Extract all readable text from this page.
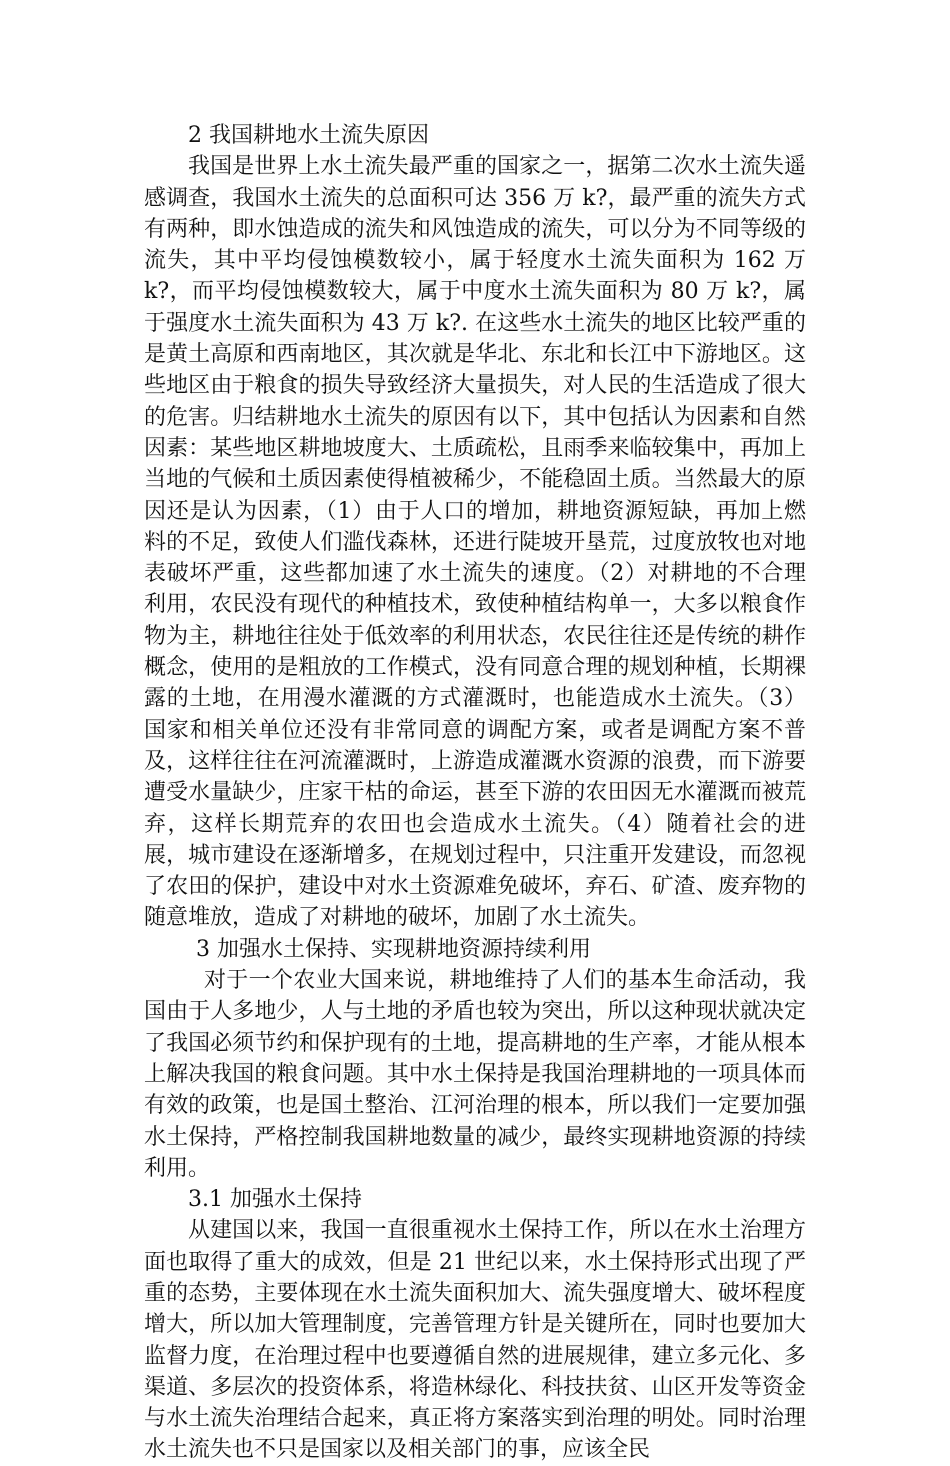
2 我国耕地水土流失原因

我国是世界上水土流失最严重的国家之一，据第二次水土流失遥感调查，我国水土流失的总面积可达 356 万 k?，最严重的流失方式有两种，即水蚀造成的流失和风蚀造成的流失，可以分为不同等级的流失，其中平均侵蚀模数较小，属于轻度水土流失面积为 162 万 k?，而平均侵蚀模数较大，属于中度水土流失面积为 80 万 k?，属于强度水土流失面积为 43 万 k?. 在这些水土流失的地区比较严重的是黄土高原和西南地区，其次就是华北、东北和长江中下游地区。这些地区由于粮食的损失导致经济大量损失，对人民的生活造成了很大的危害。归结耕地水土流失的原因有以下，其中包括认为因素和自然因素：某些地区耕地坡度大、土质疏松，且雨季来临较集中，再加上当地的气候和土质因素使得植被稀少，不能稳固土质。当然最大的原因还是认为因素，（1）由于人口的增加，耕地资源短缺，再加上燃料的不足，致使人们滥伐森林，还进行陡坡开垦荒，过度放牧也对地表破坏严重，这些都加速了水土流失的速度。（2）对耕地的不合理利用，农民没有现代的种植技术，致使种植结构单一，大多以粮食作物为主，耕地往往处于低效率的利用状态，农民往往还是传统的耕作概念，使用的是粗放的工作模式，没有同意合理的规划种植，长期裸露的土地，在用漫水灌溉的方式灌溉时，也能造成水土流失。（3）国家和相关单位还没有非常同意的调配方案，或者是调配方案不普及，这样往往在河流灌溉时，上游造成灌溉水资源的浪费，而下游要遭受水量缺少，庄家干枯的命运，甚至下游的农田因无水灌溉而被荒弃，这样长期荒弃的农田也会造成水土流失。（4）随着社会的进展，城市建设在逐渐增多，在规划过程中，只注重开发建设，而忽视了农田的保护，建设中对水土资源难免破坏，弃石、矿渣、废弃物的随意堆放，造成了对耕地的破坏，加剧了水土流失。

3 加强水土保持、实现耕地资源持续利用

对于一个农业大国来说，耕地维持了人们的基本生命活动，我国由于人多地少，人与土地的矛盾也较为突出，所以这种现状就决定了我国必须节约和保护现有的土地，提高耕地的生产率，才能从根本上解决我国的粮食问题。其中水土保持是我国治理耕地的一项具体而有效的政策，也是国土整治、江河治理的根本，所以我们一定要加强水土保持，严格控制我国耕地数量的减少，最终实现耕地资源的持续利用。

3.1 加强水土保持

从建国以来，我国一直很重视水土保持工作，所以在水土治理方面也取得了重大的成效，但是 21 世纪以来，水土保持形式出现了严重的态势，主要体现在水土流失面积加大、流失强度增大、破坏程度增大，所以加大管理制度，完善管理方针是关键所在，同时也要加大监督力度，在治理过程中也要遵循自然的进展规律，建立多元化、多渠道、多层次的投资体系，将造林绿化、科技扶贫、山区开发等资金与水土流失治理结合起来，真正将方案落实到治理的明处。同时治理水土流失也不只是国家以及相关部门的事，应该全民
